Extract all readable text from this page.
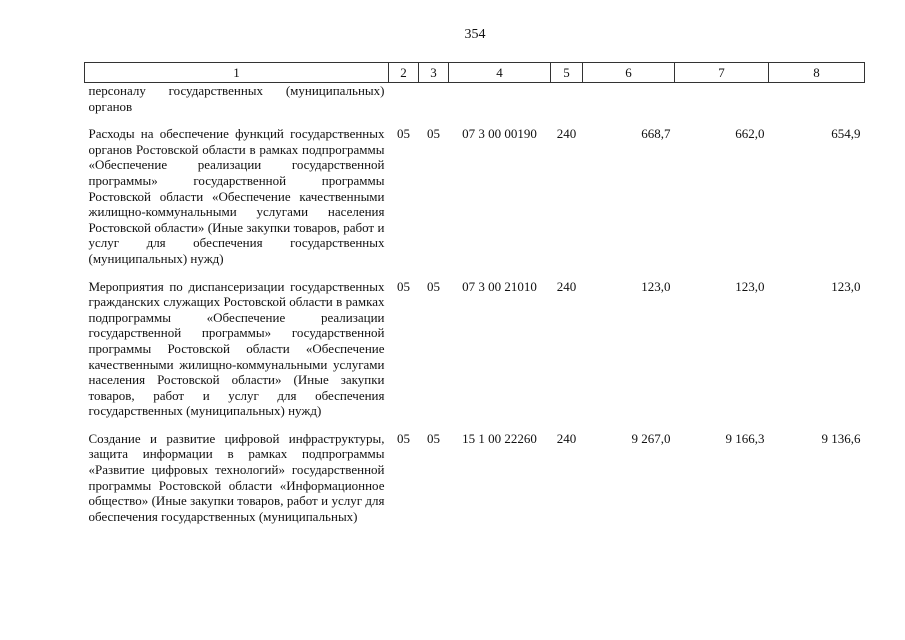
354
1	2	3	4	5	6	7	8
персоналу государственных (муниципальных) органов							
Расходы на обеспечение функций государственных органов Ростовской области в рамках подпрограммы «Обеспечение реализации государственной программы» государственной программы Ростовской области «Обеспечение качественными жилищно-коммунальными услугами населения Ростовской области» (Иные закупки товаров, работ и услуг для обеспечения государственных (муниципальных) нужд)	05	05	07 3 00 00190	240	668,7	662,0	654,9
Мероприятия по диспансеризации государственных гражданских служащих Ростовской области в рамках подпрограммы «Обеспечение реализации государственной программы» государственной программы Ростовской области «Обеспечение качественными жилищно-коммунальными услугами населения Ростовской области» (Иные закупки товаров, работ и услуг для обеспечения государственных (муниципальных) нужд)	05	05	07 3 00 21010	240	123,0	123,0	123,0
Создание и развитие цифровой инфраструктуры, защита информации в рамках подпрограммы «Развитие цифровых технологий» государственной программы Ростовской области «Информационное общество» (Иные закупки товаров, работ и услуг для обеспечения государственных (муниципальных)	05	05	15 1 00 22260	240	9 267,0	9 166,3	9 136,6
